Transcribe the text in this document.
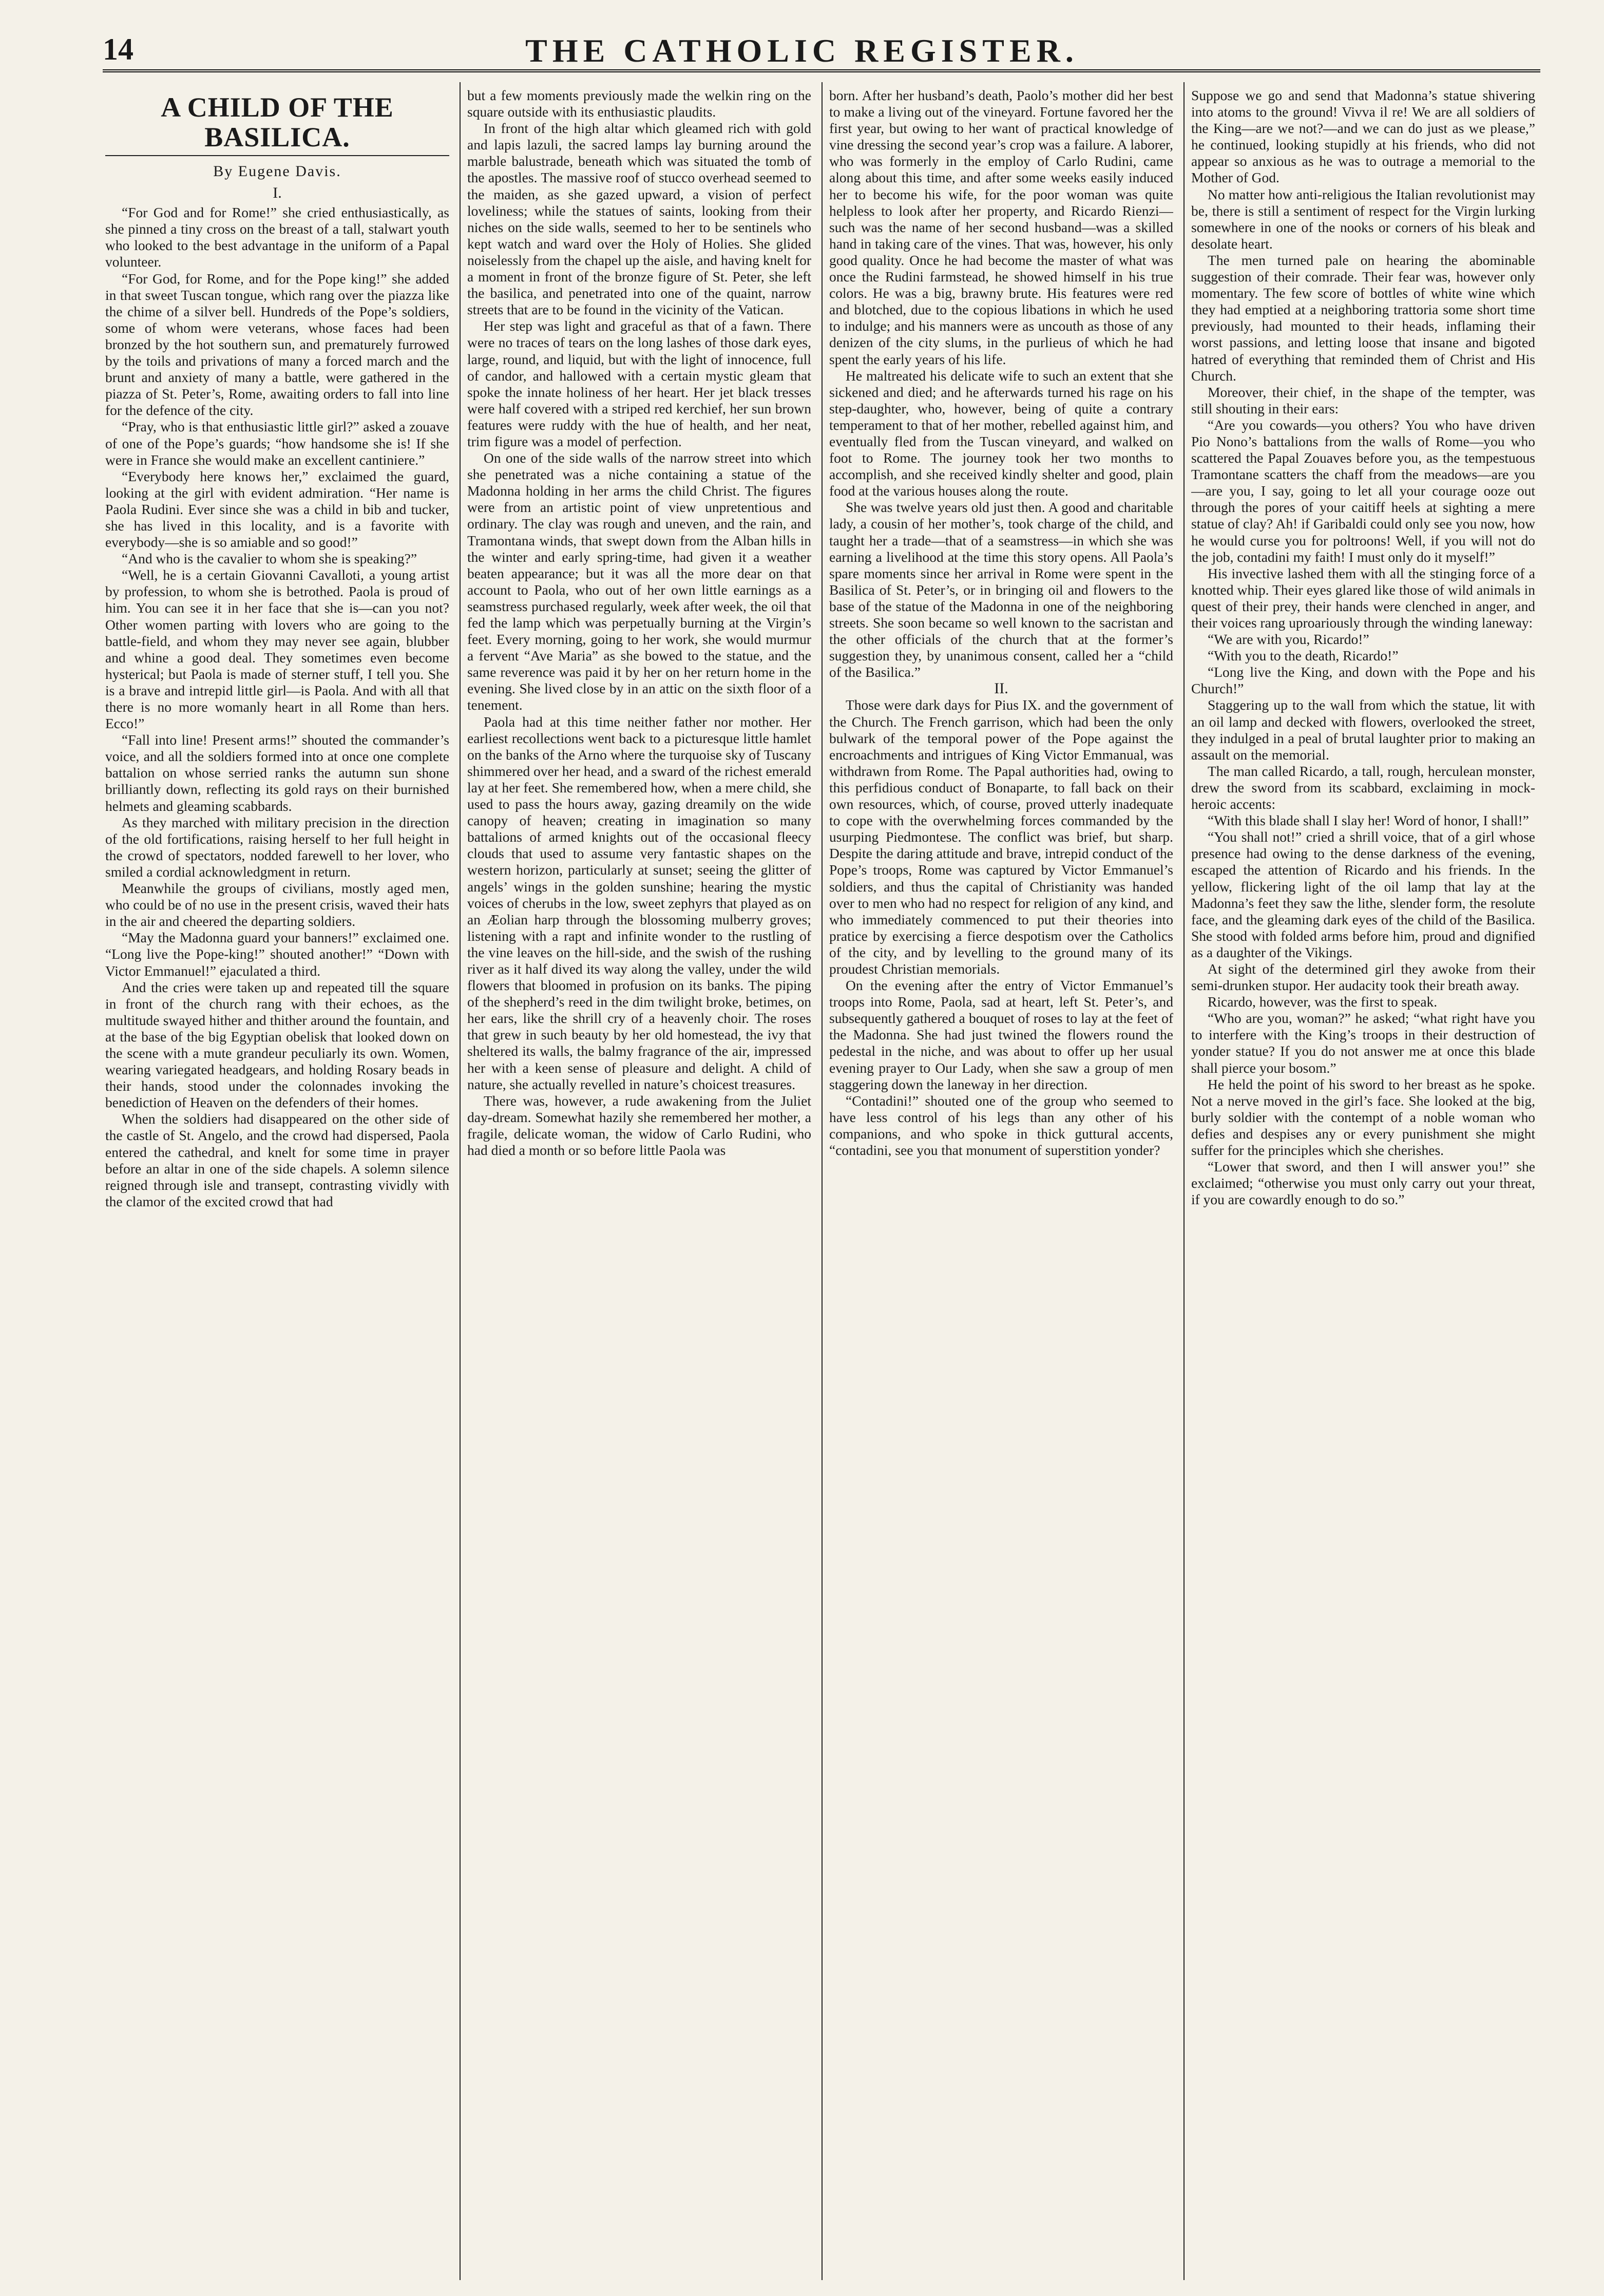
14	THE CATHOLIC REGISTER.
A CHILD OF THE BASILICA.
By Eugene Davis.
I.

“For God and for Rome!” she cried enthusiastically, as she pinned a tiny cross on the breast of a tall, stalwart youth who looked to the best advantage in the uniform of a Papal volunteer.

“For God, for Rome, and for the Pope king!” she added in that sweet Tuscan tongue, which rang over the piazza like the chime of a silver bell. Hundreds of the Pope’s soldiers, some of whom were veterans, whose faces had been bronzed by the hot southern sun, and prematurely furrowed by the toils and privations of many a forced march and the brunt and anxiety of many a battle, were gathered in the piazza of St. Peter’s, Rome, awaiting orders to fall into line for the defence of the city.

“Pray, who is that enthusiastic little girl?” asked a zouave of one of the Pope’s guards; “how handsome she is! If she were in France she would make an excellent cantiniere.”

“Everybody here knows her,” exclaimed the guard, looking at the girl with evident admiration. “Her name is Paola Rudini. Ever since she was a child in bib and tucker, she has lived in this locality, and is a favorite with everybody—she is so amiable and so good!”

“And who is the cavalier to whom she is speaking?”

“Well, he is a certain Giovanni Cavalloti, a young artist by profession, to whom she is betrothed. Paola is proud of him. You can see it in her face that she is—can you not? Other women parting with lovers who are going to the battle-field, and whom they may never see again, blubber and whine a good deal. They sometimes even become hysterical; but Paola is made of sterner stuff, I tell you. She is a brave and intrepid little girl—is Paola. And with all that there is no more womanly heart in all Rome than hers. Ecco!”

“Fall into line! Present arms!” shouted the commander’s voice, and all the soldiers formed into at once one complete battalion on whose serried ranks the autumn sun shone brilliantly down, reflecting its gold rays on their burnished helmets and gleaming scabbards.

As they marched with military precision in the direction of the old fortifications, raising herself to her full height in the crowd of spectators, nodded farewell to her lover, who smiled a cordial acknowledgment in return.

Meanwhile the groups of civilians, mostly aged men, who could be of no use in the present crisis, waved their hats in the air and cheered the departing soldiers.

“May the Madonna guard your banners!” exclaimed one. “Long live the Pope-king!” shouted another!” “Down with Victor Emmanuel!” ejaculated a third.

And the cries were taken up and repeated till the square in front of the church rang with their echoes, as the multitude swayed hither and thither around the fountain, and at the base of the big Egyptian obelisk that looked down on the scene with a mute grandeur peculiarly its own. Women, wearing variegated headgears, and holding Rosary beads in their hands, stood under the colonnades invoking the benediction of Heaven on the defenders of their homes.

When the soldiers had disappeared on the other side of the castle of St. Angelo, and the crowd had dispersed, Paola entered the cathedral, and knelt for some time in prayer before an altar in one of the side chapels. A solemn silence reigned through isle and transept, contrasting vividly with the clamor of the excited crowd that had

but a few moments previously made the welkin ring on the square outside with its enthusiastic plaudits.

In front of the high altar which gleamed rich with gold and lapis lazuli, the sacred lamps lay burning around the marble balustrade, beneath which was situated the tomb of the apostles. The massive roof of stucco overhead seemed to the maiden, as she gazed upward, a vision of perfect loveliness; while the statues of saints, looking from their niches on the side walls, seemed to her to be sentinels who kept watch and ward over the Holy of Holies. She glided noiselessly from the chapel up the aisle, and having knelt for a moment in front of the bronze figure of St. Peter, she left the basilica, and penetrated into one of the quaint, narrow streets that are to be found in the vicinity of the Vatican.

Her step was light and graceful as that of a fawn. There were no traces of tears on the long lashes of those dark eyes, large, round, and liquid, but with the light of innocence, full of candor, and hallowed with a certain mystic gleam that spoke the innate holiness of her heart. Her jet black tresses were half covered with a striped red kerchief, her sun brown features were ruddy with the hue of health, and her neat, trim figure was a model of perfection.

On one of the side walls of the narrow street into which she penetrated was a niche containing a statue of the Madonna holding in her arms the child Christ. The figures were from an artistic point of view unpretentious and ordinary. The clay was rough and uneven, and the rain, and Tramontana winds, that swept down from the Alban hills in the winter and early spring-time, had given it a weather beaten appearance; but it was all the more dear on that account to Paola, who out of her own little earnings as a seamstress purchased regularly, week after week, the oil that fed the lamp which was perpetually burning at the Virgin’s feet. Every morning, going to her work, she would murmur a fervent “Ave Maria” as she bowed to the statue, and the same reverence was paid it by her on her return home in the evening. She lived close by in an attic on the sixth floor of a tenement.

Paola had at this time neither father nor mother. Her earliest recollections went back to a picturesque little hamlet on the banks of the Arno where the turquoise sky of Tuscany shimmered over her head, and a sward of the richest emerald lay at her feet. She remembered how, when a mere child, she used to pass the hours away, gazing dreamily on the wide canopy of heaven; creating in imagination so many battalions of armed knights out of the occasional fleecy clouds that used to assume very fantastic shapes on the western horizon, particularly at sunset; seeing the glitter of angels’ wings in the golden sunshine; hearing the mystic voices of cherubs in the low, sweet zephyrs that played as on an Æolian harp through the blossoming mulberry groves; listening with a rapt and infinite wonder to the rustling of the vine leaves on the hill-side, and the swish of the rushing river as it half dived its way along the valley, under the wild flowers that bloomed in profusion on its banks. The piping of the shepherd’s reed in the dim twilight broke, betimes, on her ears, like the shrill cry of a heavenly choir. The roses that grew in such beauty by her old homestead, the ivy that sheltered its walls, the balmy fragrance of the air, impressed her with a keen sense of pleasure and delight. A child of nature, she actually revelled in nature’s choicest treasures.

There was, however, a rude awakening from the Juliet day-dream. Somewhat hazily she remembered her mother, a fragile, delicate woman, the widow of Carlo Rudini, who had died a month or so before little Paola was

born. After her husband’s death, Paolo’s mother did her best to make a living out of the vineyard. Fortune favored her the first year, but owing to her want of practical knowledge of vine dressing the second year’s crop was a failure. A laborer, who was formerly in the employ of Carlo Rudini, came along about this time, and after some weeks easily induced her to become his wife, for the poor woman was quite helpless to look after her property, and Ricardo Rienzi—such was the name of her second husband—was a skilled hand in taking care of the vines. That was, however, his only good quality. Once he had become the master of what was once the Rudini farmstead, he showed himself in his true colors. He was a big, brawny brute. His features were red and blotched, due to the copious libations in which he used to indulge; and his manners were as uncouth as those of any denizen of the city slums, in the purlieus of which he had spent the early years of his life.

He maltreated his delicate wife to such an extent that she sickened and died; and he afterwards turned his rage on his step-daughter, who, however, being of quite a contrary temperament to that of her mother, rebelled against him, and eventually fled from the Tuscan vineyard, and walked on foot to Rome. The journey took her two months to accomplish, and she received kindly shelter and good, plain food at the various houses along the route.

She was twelve years old just then. A good and charitable lady, a cousin of her mother’s, took charge of the child, and taught her a trade—that of a seamstress—in which she was earning a livelihood at the time this story opens. All Paola’s spare moments since her arrival in Rome were spent in the Basilica of St. Peter’s, or in bringing oil and flowers to the base of the statue of the Madonna in one of the neighboring streets. She soon became so well known to the sacristan and the other officials of the church that at the former’s suggestion they, by unanimous consent, called her a “child of the Basilica.”

II.

Those were dark days for Pius IX. and the government of the Church. The French garrison, which had been the only bulwark of the temporal power of the Pope against the encroachments and intrigues of King Victor Emmanual, was withdrawn from Rome. The Papal authorities had, owing to this perfidious conduct of Bonaparte, to fall back on their own resources, which, of course, proved utterly inadequate to cope with the overwhelming forces commanded by the usurping Piedmontese. The conflict was brief, but sharp. Despite the daring attitude and brave, intrepid conduct of the Pope’s troops, Rome was captured by Victor Emmanuel’s soldiers, and thus the capital of Christianity was handed over to men who had no respect for religion of any kind, and who immediately commenced to put their theories into pratice by exercising a fierce despotism over the Catholics of the city, and by levelling to the ground many of its proudest Christian memorials.

On the evening after the entry of Victor Emmanuel’s troops into Rome, Paola, sad at heart, left St. Peter’s, and subsequently gathered a bouquet of roses to lay at the feet of the Madonna. She had just twined the flowers round the pedestal in the niche, and was about to offer up her usual evening prayer to Our Lady, when she saw a group of men staggering down the laneway in her direction.

“Contadini!” shouted one of the group who seemed to have less control of his legs than any other of his companions, and who spoke in thick guttural accents, “contadini, see you that monument of superstition yonder?

Suppose we go and send that Madonna’s statue shivering into atoms to the ground! Vivva il re! We are all soldiers of the King—are we not?—and we can do just as we please,” he continued, looking stupidly at his friends, who did not appear so anxious as he was to outrage a memorial to the Mother of God.

No matter how anti-religious the Italian revolutionist may be, there is still a sentiment of respect for the Virgin lurking somewhere in one of the nooks or corners of his bleak and desolate heart.

The men turned pale on hearing the abominable suggestion of their comrade. Their fear was, however only momentary. The few score of bottles of white wine which they had emptied at a neighboring trattoria some short time previously, had mounted to their heads, inflaming their worst passions, and letting loose that insane and bigoted hatred of everything that reminded them of Christ and His Church.

Moreover, their chief, in the shape of the tempter, was still shouting in their ears:

“Are you cowards—you others? You who have driven Pio Nono’s battalions from the walls of Rome—you who scattered the Papal Zouaves before you, as the tempestuous Tramontane scatters the chaff from the meadows—are you—are you, I say, going to let all your courage ooze out through the pores of your caitiff heels at sighting a mere statue of clay? Ah! if Garibaldi could only see you now, how he would curse you for poltroons! Well, if you will not do the job, contadini my faith! I must only do it myself!”

His invective lashed them with all the stinging force of a knotted whip. Their eyes glared like those of wild animals in quest of their prey, their hands were clenched in anger, and their voices rang uproariously through the winding laneway:

“We are with you, Ricardo!”

“With you to the death, Ricardo!”

“Long live the King, and down with the Pope and his Church!”

Staggering up to the wall from which the statue, lit with an oil lamp and decked with flowers, overlooked the street, they indulged in a peal of brutal laughter prior to making an assault on the memorial.

The man called Ricardo, a tall, rough, herculean monster, drew the sword from its scabbard, exclaiming in mock-heroic accents:

“With this blade shall I slay her! Word of honor, I shall!”

“You shall not!” cried a shrill voice, that of a girl whose presence had owing to the dense darkness of the evening, escaped the attention of Ricardo and his friends. In the yellow, flickering light of the oil lamp that lay at the Madonna’s feet they saw the lithe, slender form, the resolute face, and the gleaming dark eyes of the child of the Basilica. She stood with folded arms before him, proud and dignified as a daughter of the Vikings.

At sight of the determined girl they awoke from their semi-drunken stupor. Her audacity took their breath away.

Ricardo, however, was the first to speak.

“Who are you, woman?” he asked; “what right have you to interfere with the King’s troops in their destruction of yonder statue? If you do not answer me at once this blade shall pierce your bosom.”

He held the point of his sword to her breast as he spoke. Not a nerve moved in the girl’s face. She looked at the big, burly soldier with the contempt of a noble woman who defies and despises any or every punishment she might suffer for the principles which she cherishes.

“Lower that sword, and then I will answer you!” she exclaimed; “otherwise you must only carry out your threat, if you are cowardly enough to do so.”
